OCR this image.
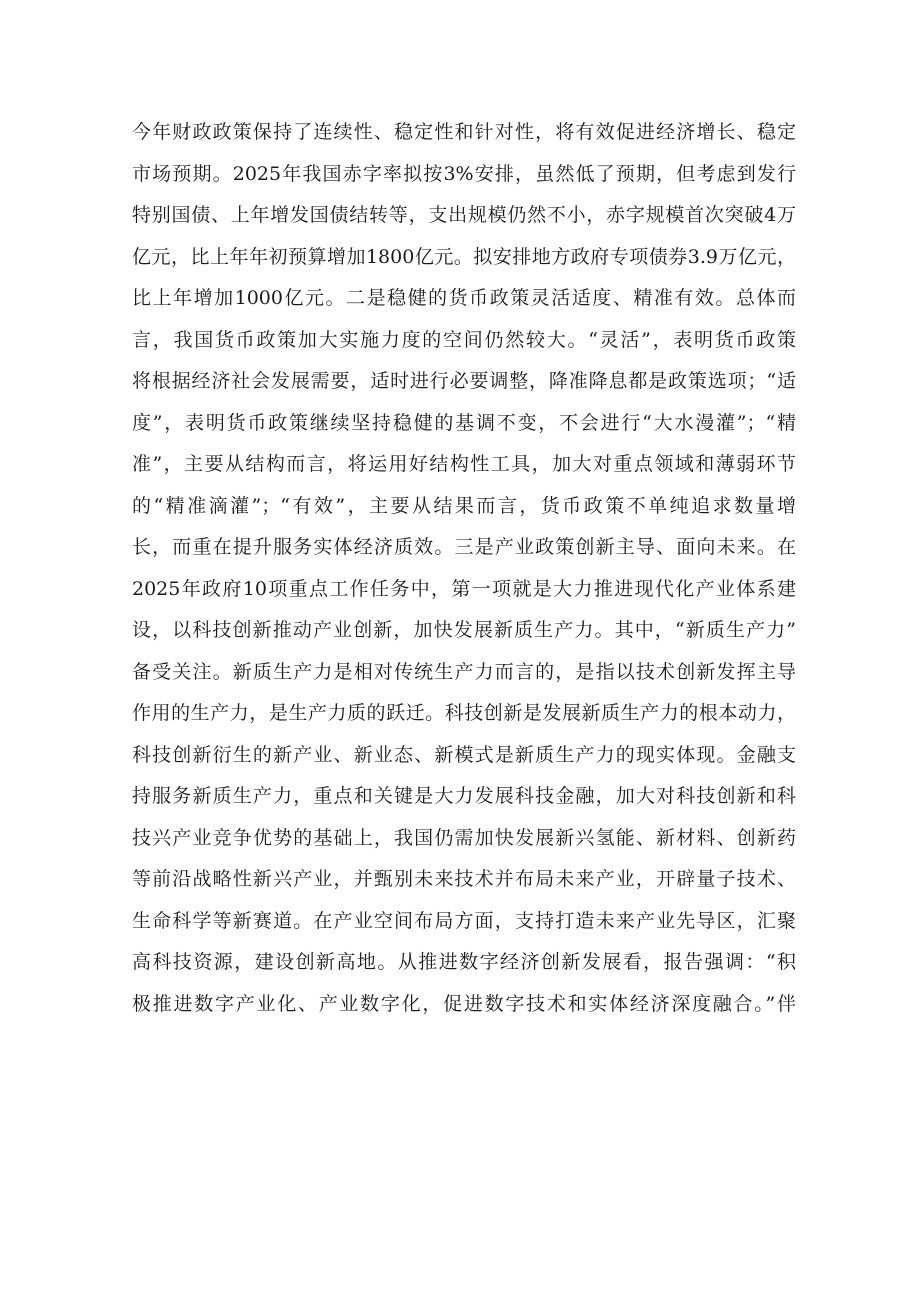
今年财政政策保持了连续性、稳定性和针对性，将有效促进经济增长、稳定
市场预期。2025年我国赤字率拟按3%安排，虽然低了预期，但考虑到发行
特别国债、上年增发国债结转等，支出规模仍然不小，赤字规模首次突破4万
亿元，比上年年初预算增加1800亿元。拟安排地方政府专项债券3.9万亿元，
比上年增加1000亿元。二是稳健的货币政策灵活适度、精准有效。总体而
言，我国货币政策加大实施力度的空间仍然较大。“灵活”，表明货币政策
将根据经济社会发展需要，适时进行必要调整，降准降息都是政策选项；“适
度”，表明货币政策继续坚持稳健的基调不变，不会进行“大水漫灌”；“精
准”，主要从结构而言，将运用好结构性工具，加大对重点领域和薄弱环节
的“精准滴灌”；“有效”，主要从结果而言，货币政策不单纯追求数量增
长，而重在提升服务实体经济质效。三是产业政策创新主导、面向未来。在
2025年政府10项重点工作任务中，第一项就是大力推进现代化产业体系建
设，以科技创新推动产业创新，加快发展新质生产力。其中，“新质生产力”
备受关注。新质生产力是相对传统生产力而言的，是指以技术创新发挥主导
作用的生产力，是生产力质的跃迁。科技创新是发展新质生产力的根本动力，
科技创新衍生的新产业、新业态、新模式是新质生产力的现实体现。金融支
持服务新质生产力，重点和关键是大力发展科技金融，加大对科技创新和科
技兴产业竞争优势的基础上，我国仍需加快发展新兴氢能、新材料、创新药
等前沿战略性新兴产业，并甄别未来技术并布局未来产业，开辟量子技术、
生命科学等新赛道。在产业空间布局方面，支持打造未来产业先导区，汇聚
高科技资源，建设创新高地。从推进数字经济创新发展看，报告强调：“积
极推进数字产业化、产业数字化，促进数字技术和实体经济深度融合。”伴
